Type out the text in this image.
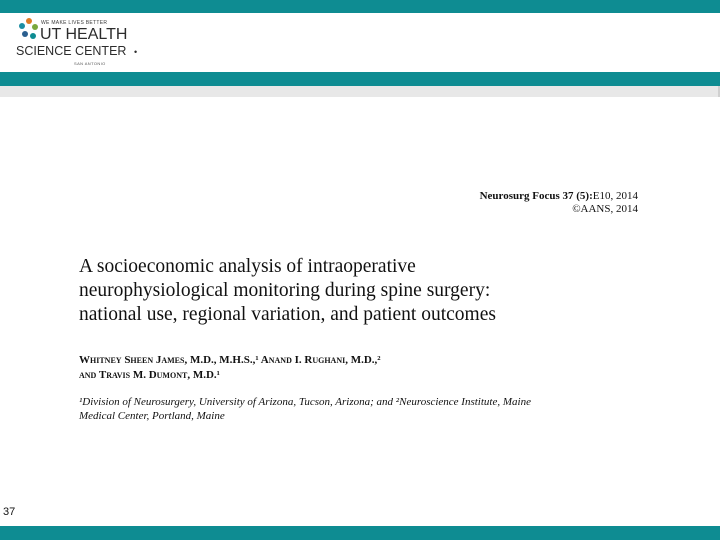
WE MAKE LIVES BETTER
UT HEALTH
SCIENCE CENTER •
SAN ANTONIO
Neurosurg Focus 37 (5):E10, 2014
©AANS, 2014
A socioeconomic analysis of intraoperative
neurophysiological monitoring during spine surgery:
national use, regional variation, and patient outcomes
Whitney Sheen James, M.D., M.H.S.,¹ Anand I. Rughani, M.D.,²
and Travis M. Dumont, M.D.¹
¹Division of Neurosurgery, University of Arizona, Tucson, Arizona; and ²Neuroscience Institute, Maine
Medical Center, Portland, Maine
37
